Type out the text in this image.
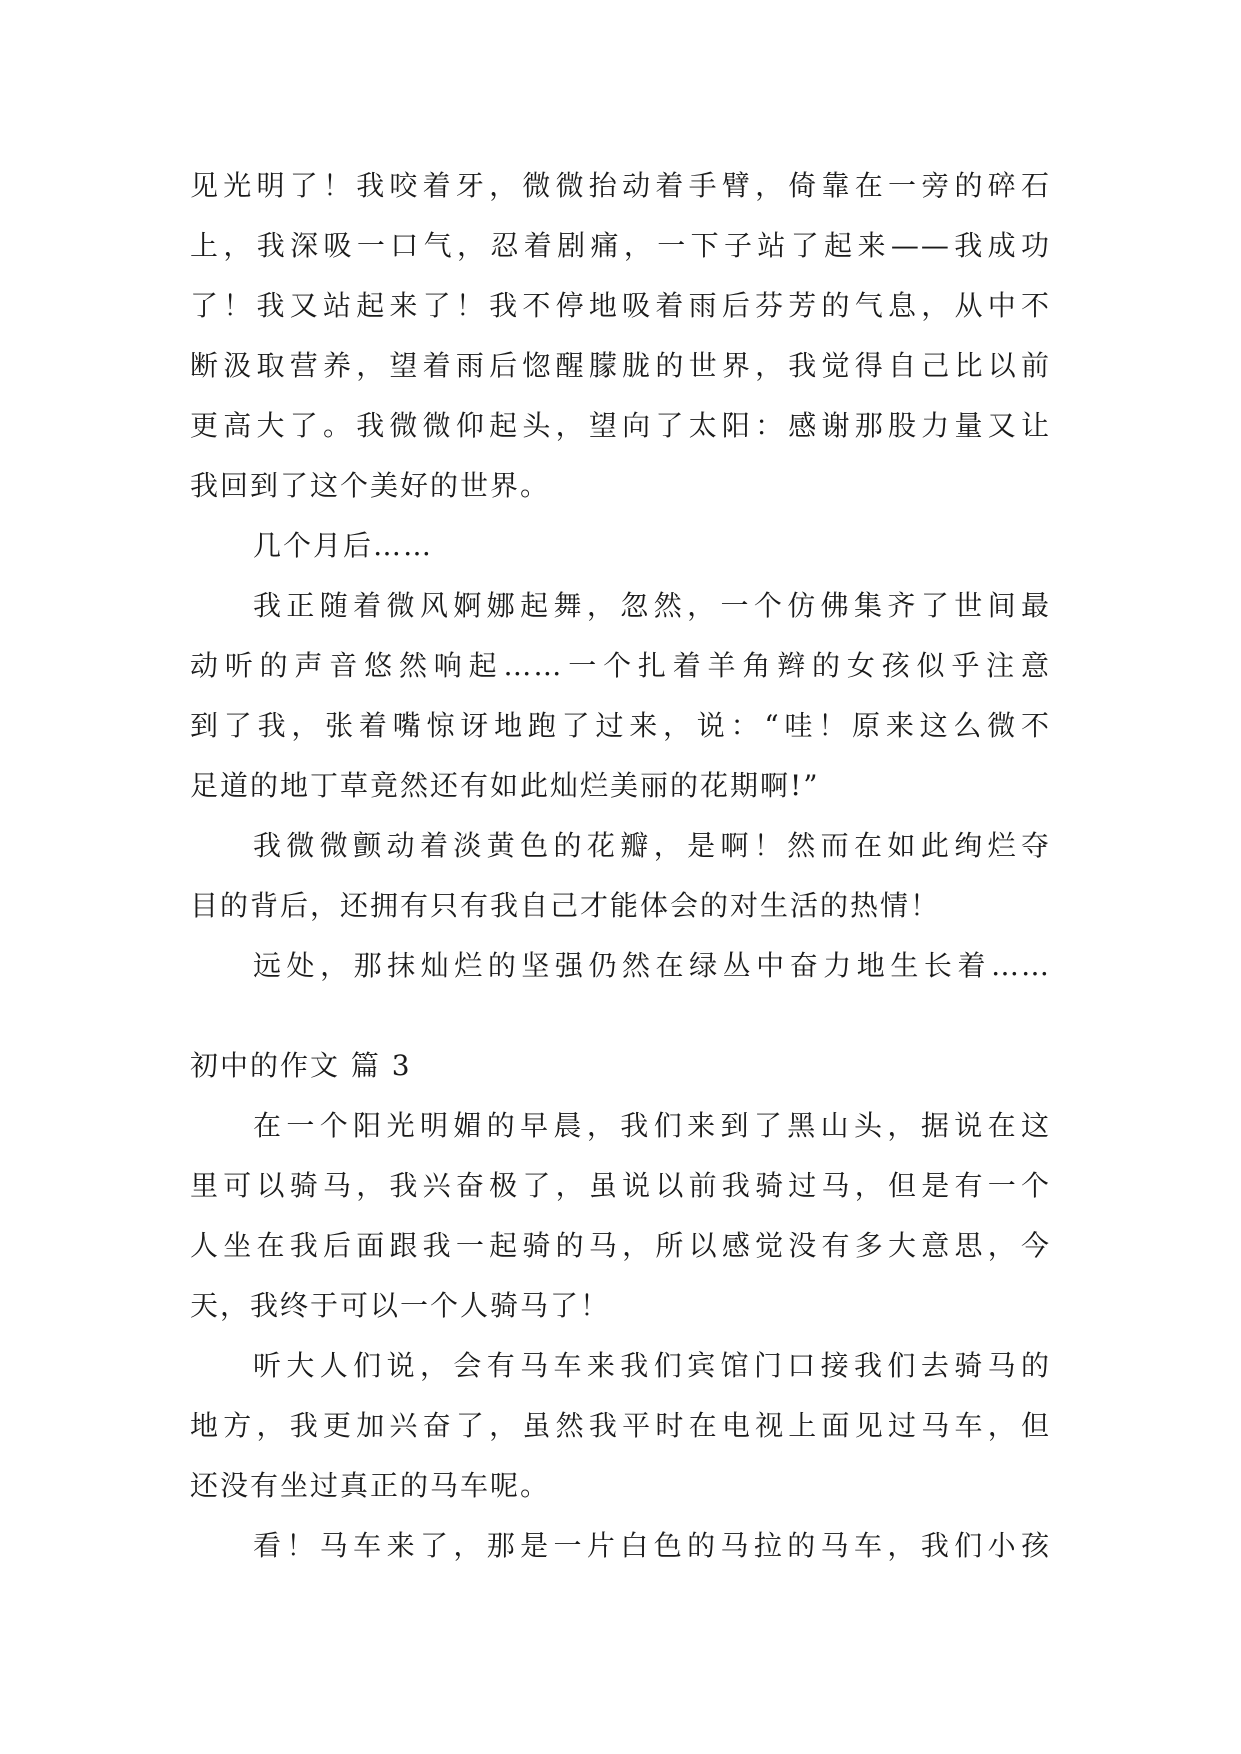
见光明了！我咬着牙，微微抬动着手臂，倚靠在一旁的碎石
上，我深吸一口气，忍着剧痛，一下子站了起来——我成功
了！我又站起来了！我不停地吸着雨后芬芳的气息，从中不
断汲取营养，望着雨后惚醒朦胧的世界，我觉得自己比以前
更高大了。我微微仰起头，望向了太阳：感谢那股力量又让
我回到了这个美好的世界。
几个月后……
我正随着微风婀娜起舞，忽然，一个仿佛集齐了世间最
动听的声音悠然响起……一个扎着羊角辫的女孩似乎注意
到了我，张着嘴惊讶地跑了过来，说：“哇！原来这么微不
足道的地丁草竟然还有如此灿烂美丽的花期啊!”
我微微颤动着淡黄色的花瓣，是啊！然而在如此绚烂夺
目的背后，还拥有只有我自己才能体会的对生活的热情！
远处，那抹灿烂的坚强仍然在绿丛中奋力地生长着……
初中的作文 篇 3
在一个阳光明媚的早晨，我们来到了黑山头，据说在这
里可以骑马，我兴奋极了，虽说以前我骑过马，但是有一个
人坐在我后面跟我一起骑的马，所以感觉没有多大意思，今
天，我终于可以一个人骑马了！
听大人们说，会有马车来我们宾馆门口接我们去骑马的
地方，我更加兴奋了，虽然我平时在电视上面见过马车，但
还没有坐过真正的马车呢。
看！马车来了，那是一片白色的马拉的马车，我们小孩
